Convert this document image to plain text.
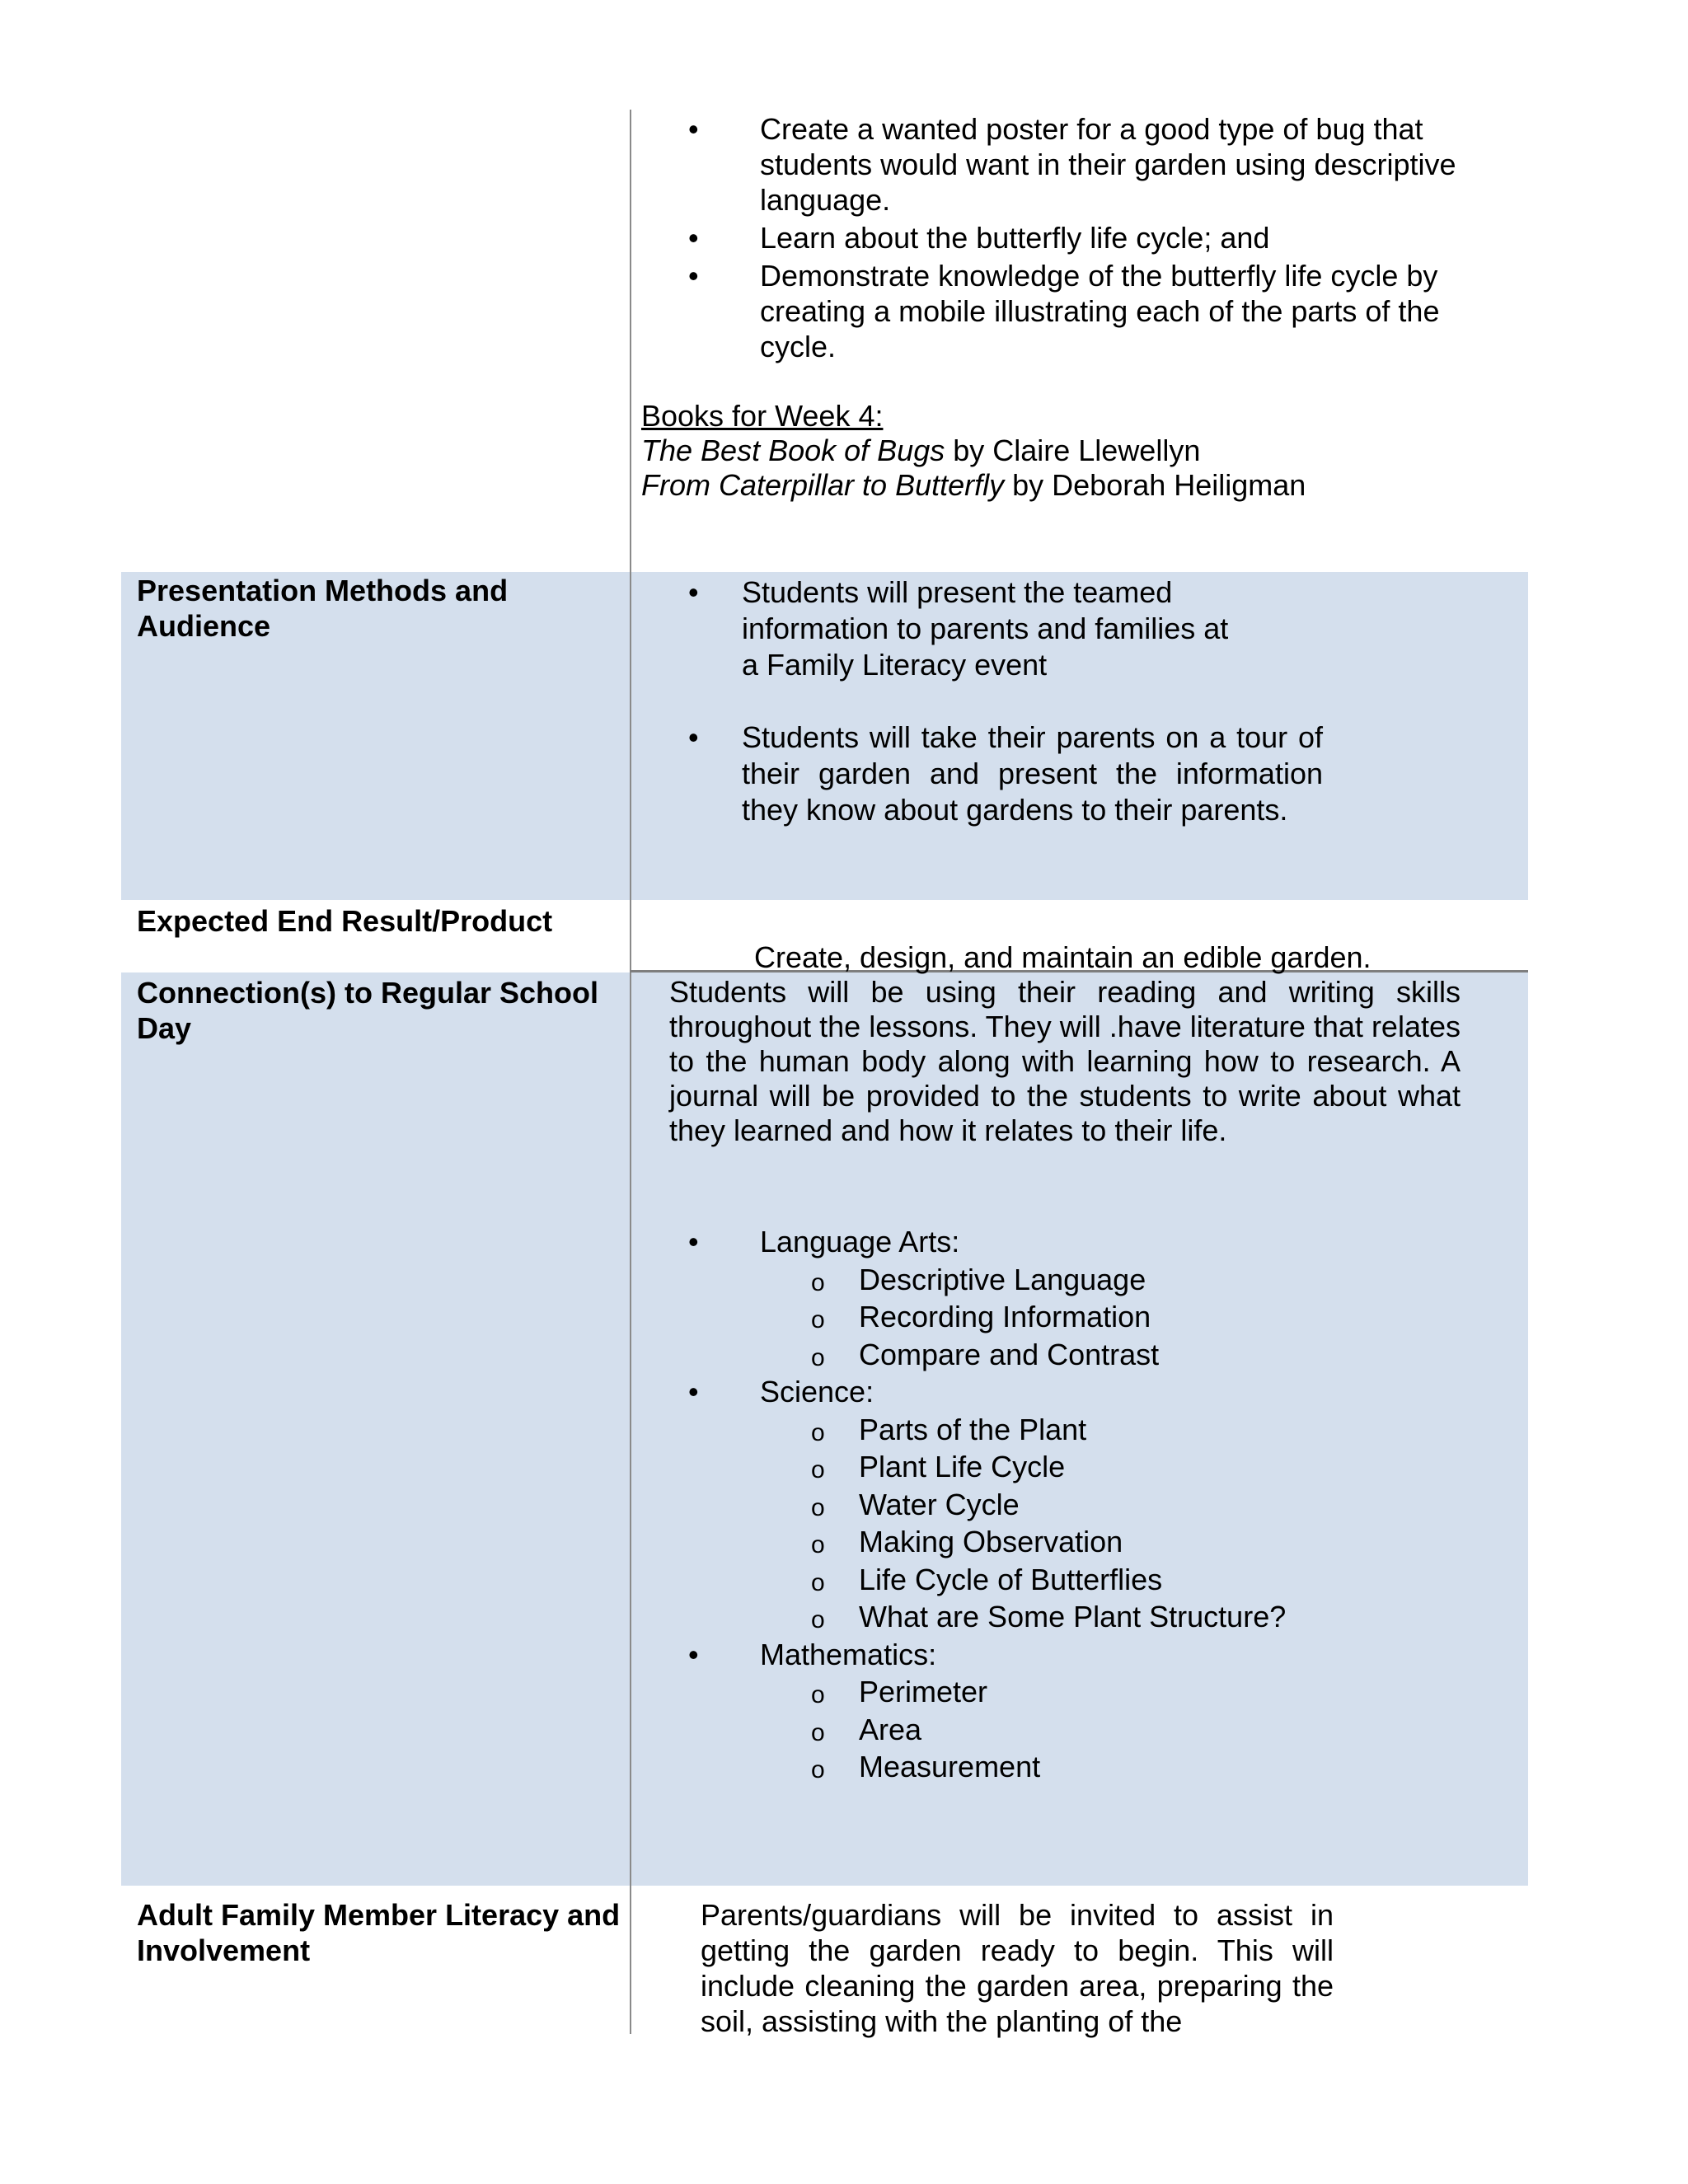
• Create a wanted poster for a good type of bug that students would want in their garden using descriptive language.
• Learn about the butterfly life cycle; and
• Demonstrate knowledge of the butterfly life cycle by creating a mobile illustrating each of the parts of the cycle.
Books for Week 4:
The Best Book of Bugs by Claire Llewellyn
From Caterpillar to Butterfly by Deborah Heiligman
Presentation Methods and Audience
• Students will present the teamed information to parents and families at a Family Literacy event
• Students will take their parents on a tour of their garden and present the information they know about gardens to their parents.
Expected End Result/Product
Create, design, and maintain an edible garden.
Connection(s) to Regular School Day
Students will be using their reading and writing skills throughout the lessons. They will .have literature that relates to the human body along with learning how to research. A journal will be provided to the students to write about what they learned and how it relates to their life.
• Language Arts:
o Descriptive Language
o Recording Information
o Compare and Contrast
• Science:
o Parts of the Plant
o Plant Life Cycle
o Water Cycle
o Making Observation
o Life Cycle of Butterflies
o What are Some Plant Structure?
• Mathematics:
o Perimeter
o Area
o Measurement
Adult Family Member Literacy and Involvement
Parents/guardians will be invited to assist in getting the garden ready to begin. This will include cleaning the garden area, preparing the soil, assisting with the planting of the
